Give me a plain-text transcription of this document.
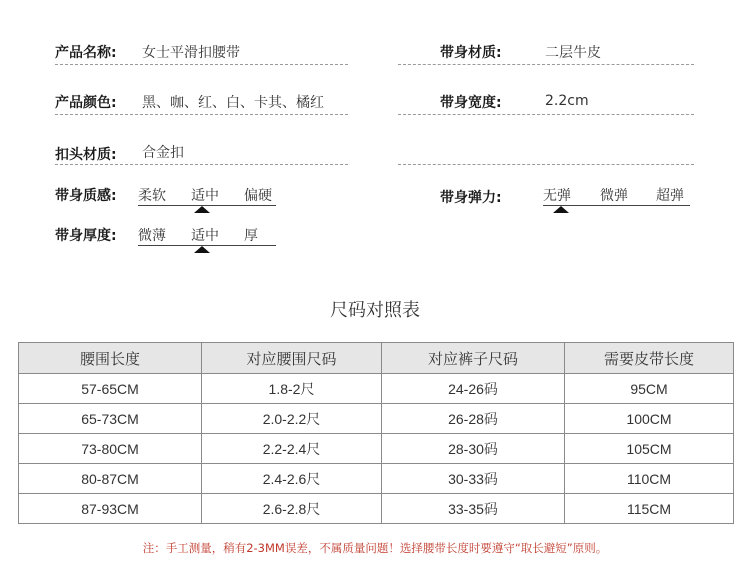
产品名称: 女士平滑扣腰带
产品颜色: 黑、咖、红、白、卡其、橘红
扣头材质: 合金扣
带身材质:	二层牛皮
带身宽度:	2.2cm
带身质感: 柔软 适中 偏硬
带身厚度: 微薄 适中 厚
带身弹力:	无弹 微弹 超弹
尺码对照表
腰围长度	对应腰围尺码	对应裤子尺码	需要皮带长度
57-65CM	1.8-2尺	24-26码	95CM
65-73CM	2.0-2.2尺	26-28码	100CM
73-80CM	2.2-2.4尺	28-30码	105CM
80-87CM	2.4-2.6尺	30-33码	110CM
87-93CM	2.6-2.8尺	33-35码	115CM
注：手工测量，稍有2-3MM误差，不属质量问题！选择腰带长度时要遵守“取长避短”原则。
